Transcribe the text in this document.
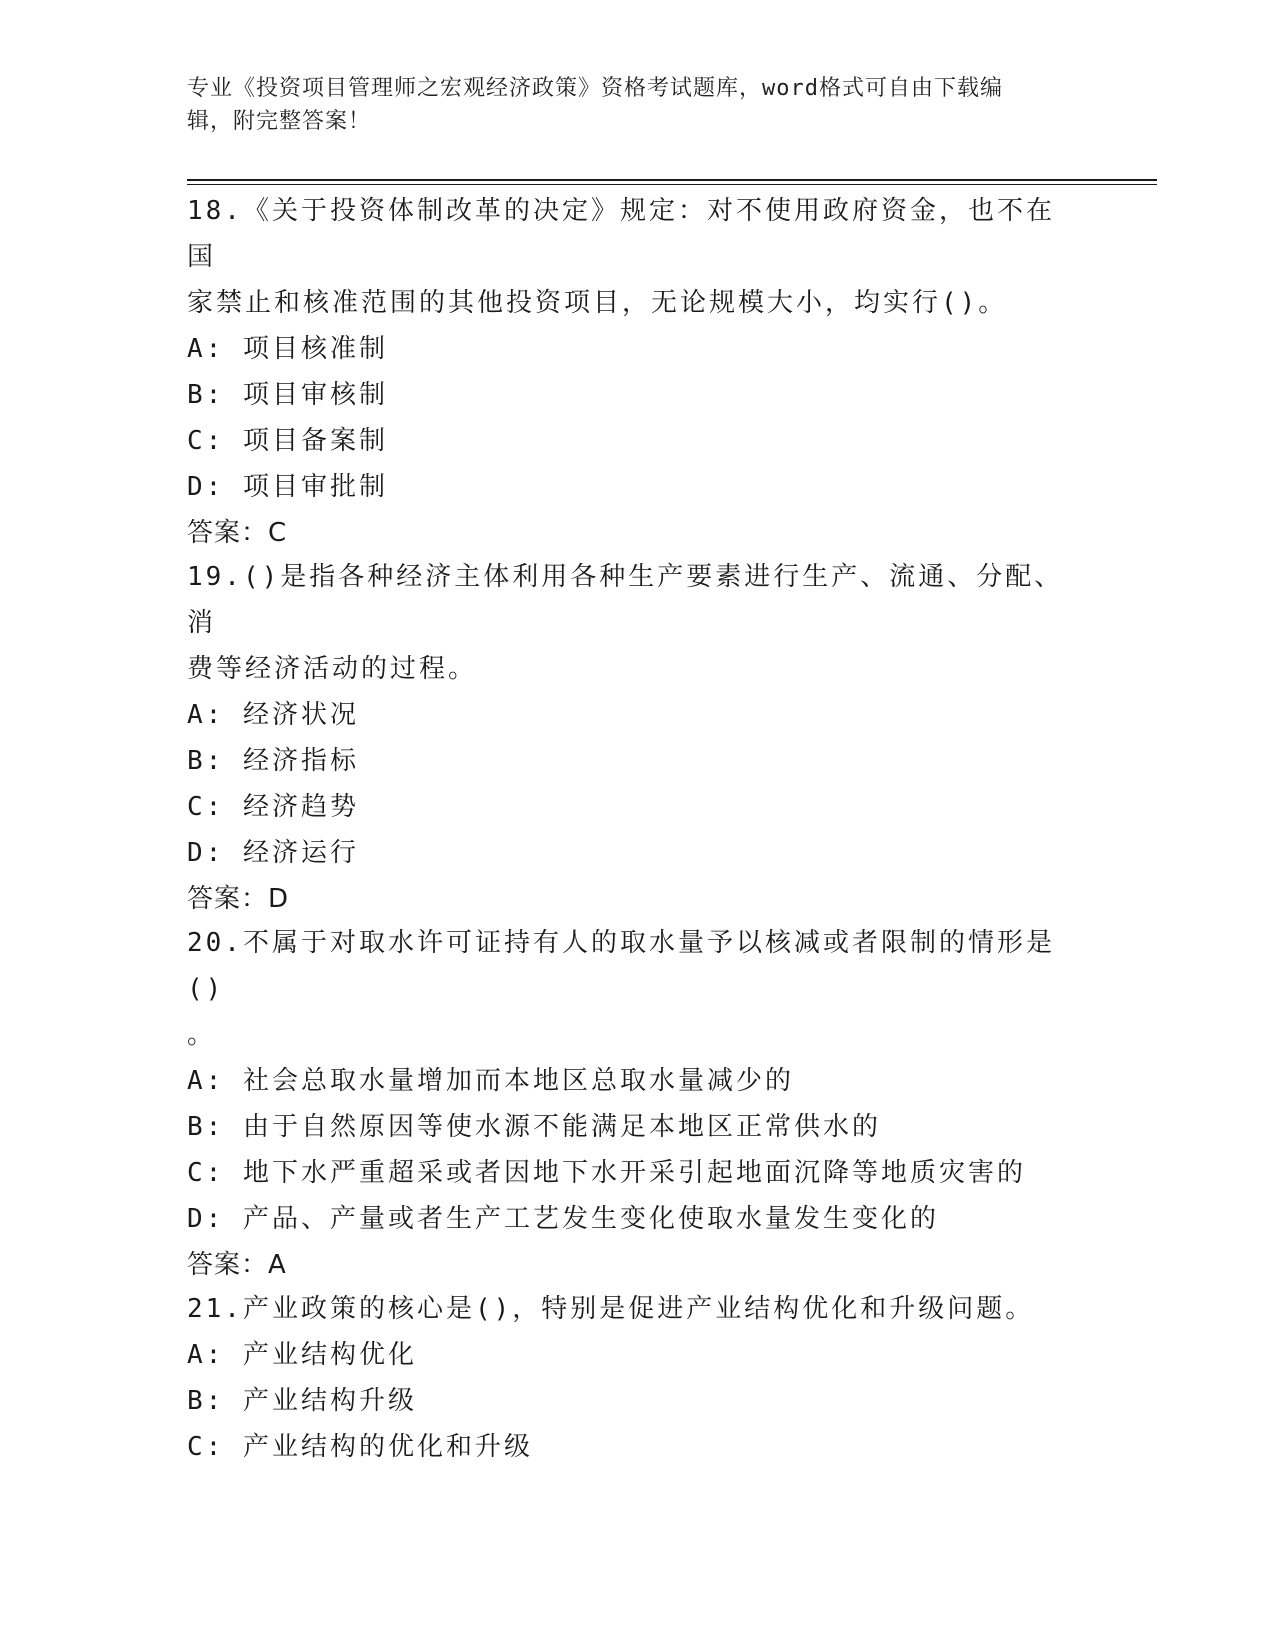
专业《投资项目管理师之宏观经济政策》资格考试题库，word格式可自由下载编
辑，附完整答案！

18.《关于投资体制改革的决定》规定：对不使用政府资金，也不在国

家禁止和核准范围的其他投资项目，无论规模大小，均实行()。

A: 项目核准制

B: 项目审核制

C: 项目备案制

D: 项目审批制

答案：C

19.()是指各种经济主体利用各种生产要素进行生产、流通、分配、消

费等经济活动的过程。

A: 经济状况

B: 经济指标

C: 经济趋势

D: 经济运行

答案：D

20.不属于对取水许可证持有人的取水量予以核减或者限制的情形是()

。

A: 社会总取水量增加而本地区总取水量减少的

B: 由于自然原因等使水源不能满足本地区正常供水的

C: 地下水严重超采或者因地下水开采引起地面沉降等地质灾害的

D: 产品、产量或者生产工艺发生变化使取水量发生变化的

答案：A

21.产业政策的核心是()，特别是促进产业结构优化和升级问题。

A: 产业结构优化

B: 产业结构升级

C: 产业结构的优化和升级
